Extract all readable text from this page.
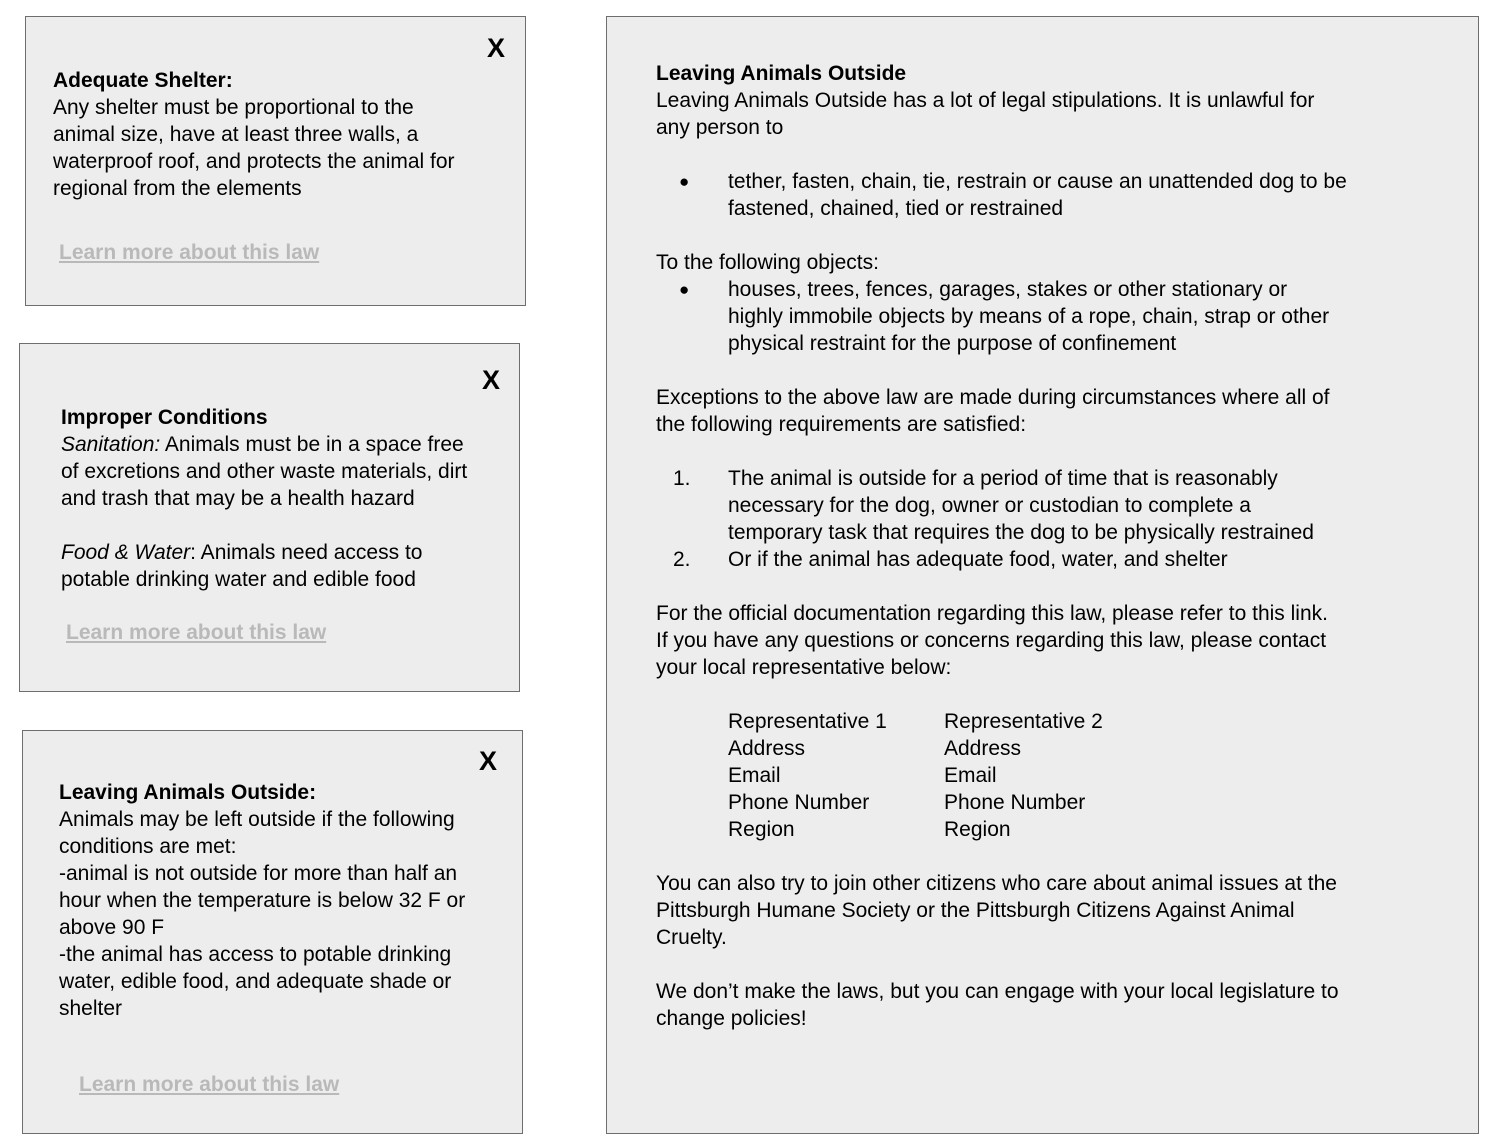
X
Adequate Shelter:
Any shelter must be proportional to the
animal size, have at least three walls, a
waterproof roof, and protects the animal for
regional from the elements
Learn more about this law
X
Improper Conditions
Sanitation: Animals must be in a space free
of excretions and other waste materials, dirt
and trash that may be a health hazard
Food & Water: Animals need access to
potable drinking water and edible food
Learn more about this law
X
Leaving Animals Outside:
Animals may be left outside if the following
conditions are met:
-animal is not outside for more than half an
hour when the temperature is below 32 F or
above 90 F
-the animal has access to potable drinking
water, edible food, and adequate shade or
shelter
Learn more about this law
Leaving Animals Outside
Leaving Animals Outside has a lot of legal stipulations. It is unlawful for
any person to
● tether, fasten, chain, tie, restrain or cause an unattended dog to be
fastened, chained, tied or restrained
To the following objects:
● houses, trees, fences, garages, stakes or other stationary or
highly immobile objects by means of a rope, chain, strap or other
physical restraint for the purpose of confinement
Exceptions to the above law are made during circumstances where all of
the following requirements are satisfied:
1. The animal is outside for a period of time that is reasonably
necessary for the dog, owner or custodian to complete a
temporary task that requires the dog to be physically restrained
2. Or if the animal has adequate food, water, and shelter
For the official documentation regarding this law, please refer to this link.
If you have any questions or concerns regarding this law, please contact
your local representative below:
Representative 1
Address
Email
Phone Number
Region
Representative 2
Address
Email
Phone Number
Region
You can also try to join other citizens who care about animal issues at the
Pittsburgh Humane Society or the Pittsburgh Citizens Against Animal
Cruelty.
We don’t make the laws, but you can engage with your local legislature to
change policies!
